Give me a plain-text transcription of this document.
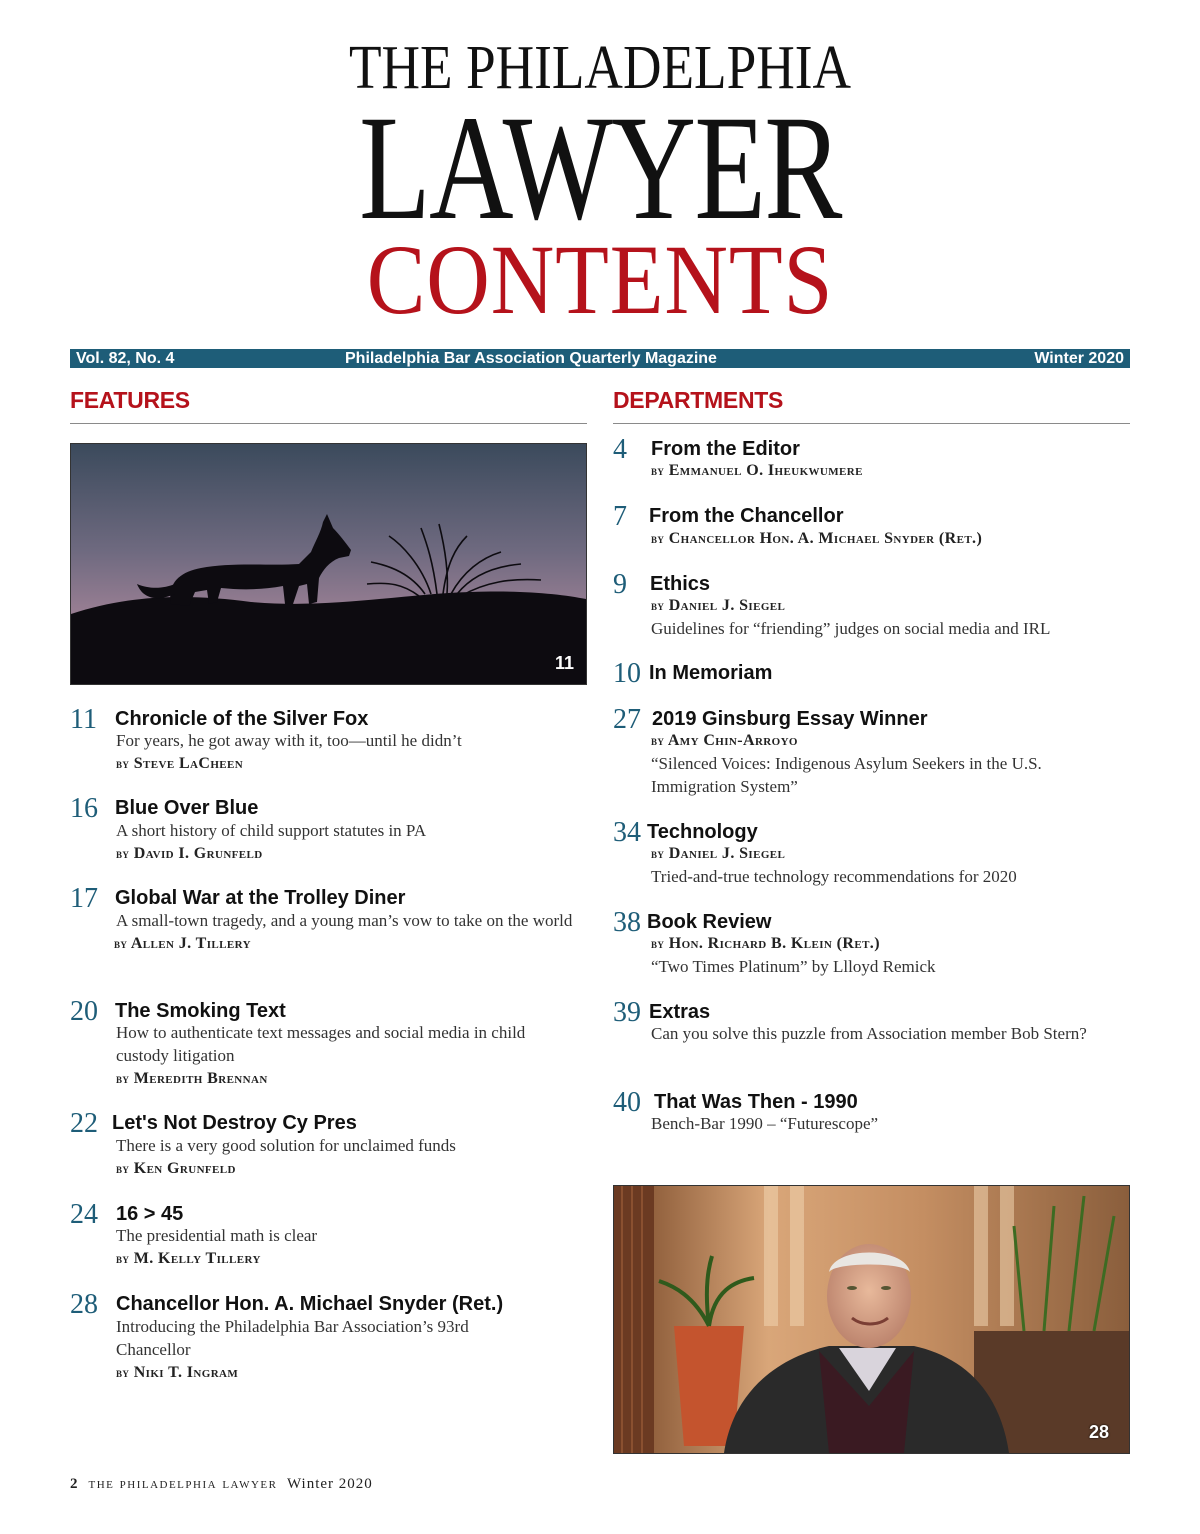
THE PHILADELPHIA
LAWYER
CONTENTS
Vol. 82, No. 4	Philadelphia Bar Association Quarterly Magazine	Winter 2020
FEATURES	DEPARTMENTS
11
11 Chronicle of the Silver Fox
For years, he got away with it, too—until he didn’t
by Steve LaCheen
16 Blue Over Blue
A short history of child support statutes in PA
by David I. Grunfeld
17 Global War at the Trolley Diner
A small-town tragedy, and a young man’s vow to take on the world
by Allen J. Tillery
20 The Smoking Text
How to authenticate text messages and social media in child custody litigation
by Meredith Brennan
22 Let's Not Destroy Cy Pres
There is a very good solution for unclaimed funds
by Ken Grunfeld
24 16 > 45
The presidential math is clear
by M. Kelly Tillery
28 Chancellor Hon. A. Michael Snyder (Ret.)
Introducing the Philadelphia Bar Association’s 93rd Chancellor
by Niki T. Ingram
4 From the Editor
by Emmanuel O. Iheukwumere
7 From the Chancellor
by Chancellor Hon. A. Michael Snyder (Ret.)
9 Ethics
by Daniel J. Siegel
Guidelines for “friending” judges on social media and IRL
10 In Memoriam
27 2019 Ginsburg Essay Winner
by Amy Chin-Arroyo
“Silenced Voices: Indigenous Asylum Seekers in the U.S. Immigration System”
34 Technology
by Daniel J. Siegel
Tried-and-true technology recommendations for 2020
38 Book Review
by Hon. Richard B. Klein (Ret.)
“Two Times Platinum” by Llloyd Remick
39 Extras
Can you solve this puzzle from Association member Bob Stern?
40 That Was Then - 1990
Bench-Bar 1990 – “Futurescope”
28
2 the philadelphia lawyer Winter 2020
